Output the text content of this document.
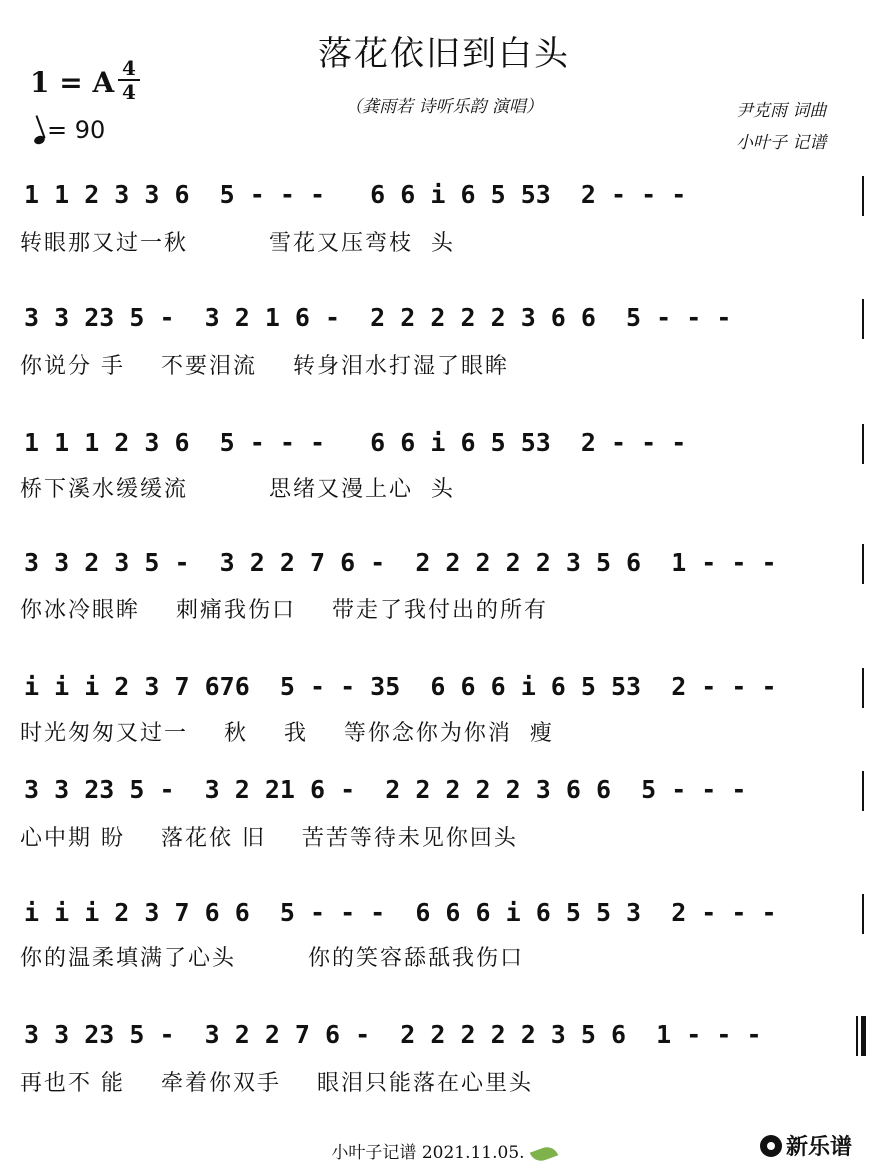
落花依旧到白头
（龚雨若 诗听乐韵 演唱）
1 = A 4
4
= 90
尹克雨 词曲
小叶子 记谱
1 1 2 3 3 6  5 - - -   6 6 i 6 5 53  2 - - -
转眼那又过一秋         雪花又压弯枝  头
3 3 23 5 -  3 2 1 6 -  2 2 2 2 2 3 6 6  5 - - -
你说分 手    不要泪流    转身泪水打湿了眼眸
1 1 1 2 3 6  5 - - -   6 6 i 6 5 53  2 - - -
桥下溪水缓缓流         思绪又漫上心  头
3 3 2 3 5 -  3 2 2 7 6 -  2 2 2 2 2 3 5 6  1 - - -
你冰冷眼眸    刺痛我伤口    带走了我付出的所有
i i i 2 3 7 676  5 - - 35  6 6 6 i 6 5 53  2 - - -
时光匆匆又过一    秋    我    等你念你为你消  瘦
3 3 23 5 -  3 2 21 6 -  2 2 2 2 2 3 6 6  5 - - -
心中期 盼    落花依 旧    苦苦等待未见你回头
i i i 2 3 7 6 6  5 - - -  6 6 6 i 6 5 5 3  2 - - -
你的温柔填满了心头        你的笑容舔舐我伤口
3 3 23 5 -  3 2 2 7 6 -  2 2 2 2 2 3 5 6  1 - - -
再也不 能    牵着你双手    眼泪只能落在心里头
小叶子记谱 2021.11.05.	新乐谱
